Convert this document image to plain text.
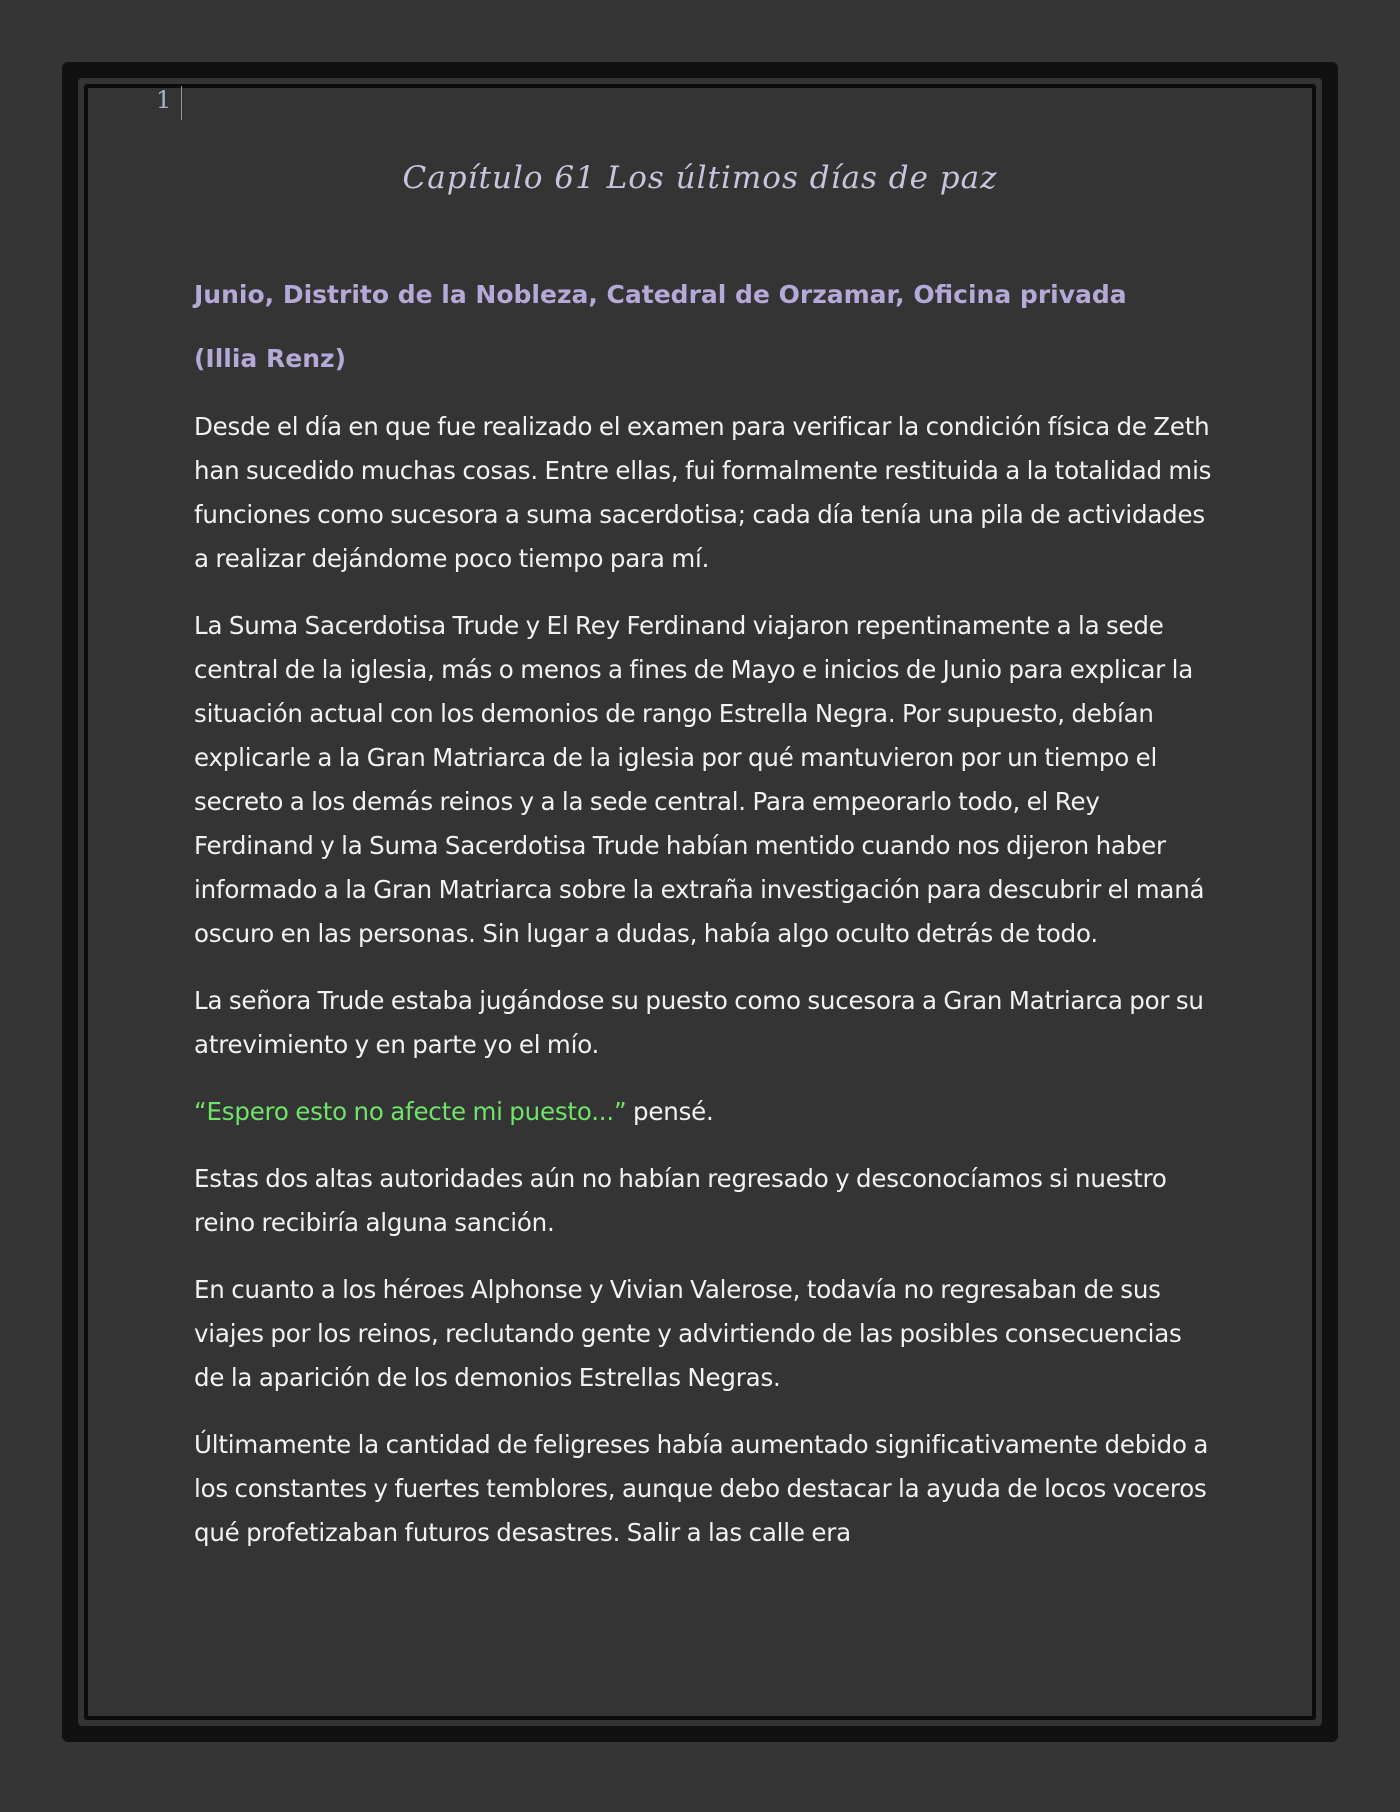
1
Capítulo 61 Los últimos días de paz

Junio, Distrito de la Nobleza, Catedral de Orzamar, Oficina privada

(Illia Renz)

Desde el día en que fue realizado el examen para verificar la condición física de Zeth han sucedido muchas cosas. Entre ellas, fui formalmente restituida a la totalidad mis funciones como sucesora a suma sacerdotisa; cada día tenía una pila de actividades a realizar dejándome poco tiempo para mí.

La Suma Sacerdotisa Trude y El Rey Ferdinand viajaron repentinamente a la sede central de la iglesia, más o menos a fines de Mayo e inicios de Junio para explicar la situación actual con los demonios de rango Estrella Negra. Por supuesto, debían explicarle a la Gran Matriarca de la iglesia por qué mantuvieron por un tiempo el secreto a los demás reinos y a la sede central. Para empeorarlo todo, el Rey Ferdinand y la Suma Sacerdotisa Trude habían mentido cuando nos dijeron haber informado a la Gran Matriarca sobre la extraña investigación para descubrir el maná oscuro en las personas. Sin lugar a dudas, había algo oculto detrás de todo.

La señora Trude estaba jugándose su puesto como sucesora a Gran Matriarca por su atrevimiento y en parte yo el mío.

“Espero esto no afecte mi puesto...” pensé.

Estas dos altas autoridades aún no habían regresado y desconocíamos si nuestro reino recibiría alguna sanción.

En cuanto a los héroes Alphonse y Vivian Valerose, todavía no regresaban de sus viajes por los reinos, reclutando gente y advirtiendo de las posibles consecuencias de la aparición de los demonios Estrellas Negras.

Últimamente la cantidad de feligreses había aumentado significativamente debido a los constantes y fuertes temblores, aunque debo destacar la ayuda de locos voceros qué profetizaban futuros desastres. Salir a las calle era
